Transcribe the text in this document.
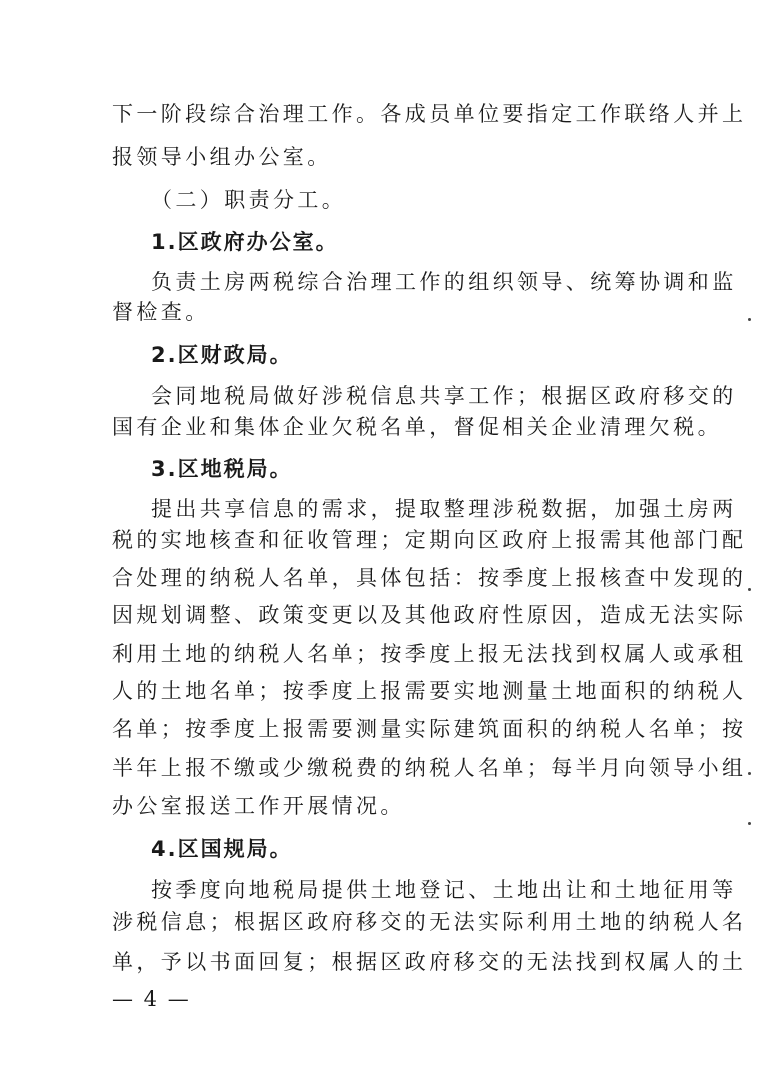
下一阶段综合治理工作。各成员单位要指定工作联络人并上
报领导小组办公室。
（二）职责分工。
1.区政府办公室。
负责土房两税综合治理工作的组织领导、统筹协调和监
督检查。
2.区财政局。
会同地税局做好涉税信息共享工作；根据区政府移交的
国有企业和集体企业欠税名单，督促相关企业清理欠税。
3.区地税局。
提出共享信息的需求，提取整理涉税数据，加强土房两
税的实地核查和征收管理；定期向区政府上报需其他部门配
合处理的纳税人名单，具体包括：按季度上报核查中发现的
因规划调整、政策变更以及其他政府性原因，造成无法实际
利用土地的纳税人名单；按季度上报无法找到权属人或承租
人的土地名单；按季度上报需要实地测量土地面积的纳税人
名单；按季度上报需要测量实际建筑面积的纳税人名单；按
半年上报不缴或少缴税费的纳税人名单；每半月向领导小组
办公室报送工作开展情况。
4.区国规局。
按季度向地税局提供土地登记、土地出让和土地征用等
涉税信息；根据区政府移交的无法实际利用土地的纳税人名
单，予以书面回复；根据区政府移交的无法找到权属人的土
— 4 —
